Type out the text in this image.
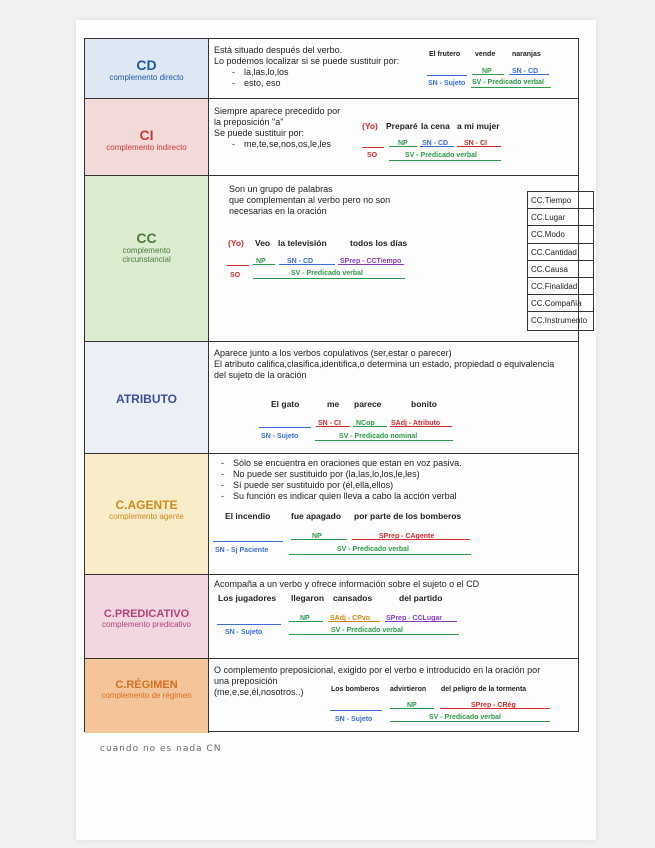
CD
complemento directo
Está situado después del verbo.
Lo podemos localizar si se puede sustituir por:
- la,las,lo,los
- esto, eso
El frutero vende naranjas
NP	SN - CD
SN - Sujeto SV - Predicado verbal
CI
complemento indirecto
Siempre aparece precedido por
la preposición "a"
Se puede sustituir por:
- me,te,se,nos,os,le,les
(Yo) Preparé la cena a mi mujer
NP SN - CD SN - CI
SO	SV - Predicado verbal
CC
complemento
circunstancial
Son un grupo de palabras
que complementan al verbo pero no son
necesarias en la oración
(Yo) Veo la televisión	todos los días
NP	SN - CD	SPrep - CCTiempo
SO	SV - Predicado verbal
CC.Tiempo
CC.Lugar
CC.Modo
CC.Cantidad
CC.Causa
CC.Finalidad
CC.Compañía
CC.Instrumento
ATRIBUTO
Aparece junto a los verbos copulativos (ser,estar o parecer)
El atributo califica,clasifica,identifica,o determina un estado, propiedad o equivalencia
del sujeto de la oración
El gato	me parece	bonito
SN - CI NCop SAdj - Atributo
SN - Sujeto	SV - Predicado nominal
C.AGENTE
complemento agente
- Sólo se encuentra en oraciones que estan en voz pasiva.
- No puede ser sustituido por (la,las,lo,los,le,les)
- Sí puede ser sustituido por (él,ella,ellos)
- Su función es indicar quien lleva a cabo la acción verbal
El incendio fue apagado por parte de los bomberos
NP	SPrep - CAgente
SN - Sj Paciente	SV - Predicado verbal
C.PREDICATIVO
complemento predicativo
Acompaña a un verbo y ofrece información sobre el sujeto o el CD
Los jugadores llegaron cansados	del partido
NP	SAdj - CPvo SPrep - CCLugar
SN - Sujeto	SV - Predicado verbal
C.RÉGIMEN
complemento de régimen
O complemento preposicional, exigido por el verbo e introducido en la oración por
una preposición
(me,e,se,él,nosotros..)	Los bomberos advirtieron del peligro de la tormenta
NP	SPrep - CRég
SN - Sujeto	SV - Predicado verbal
cuando no es nada CN
